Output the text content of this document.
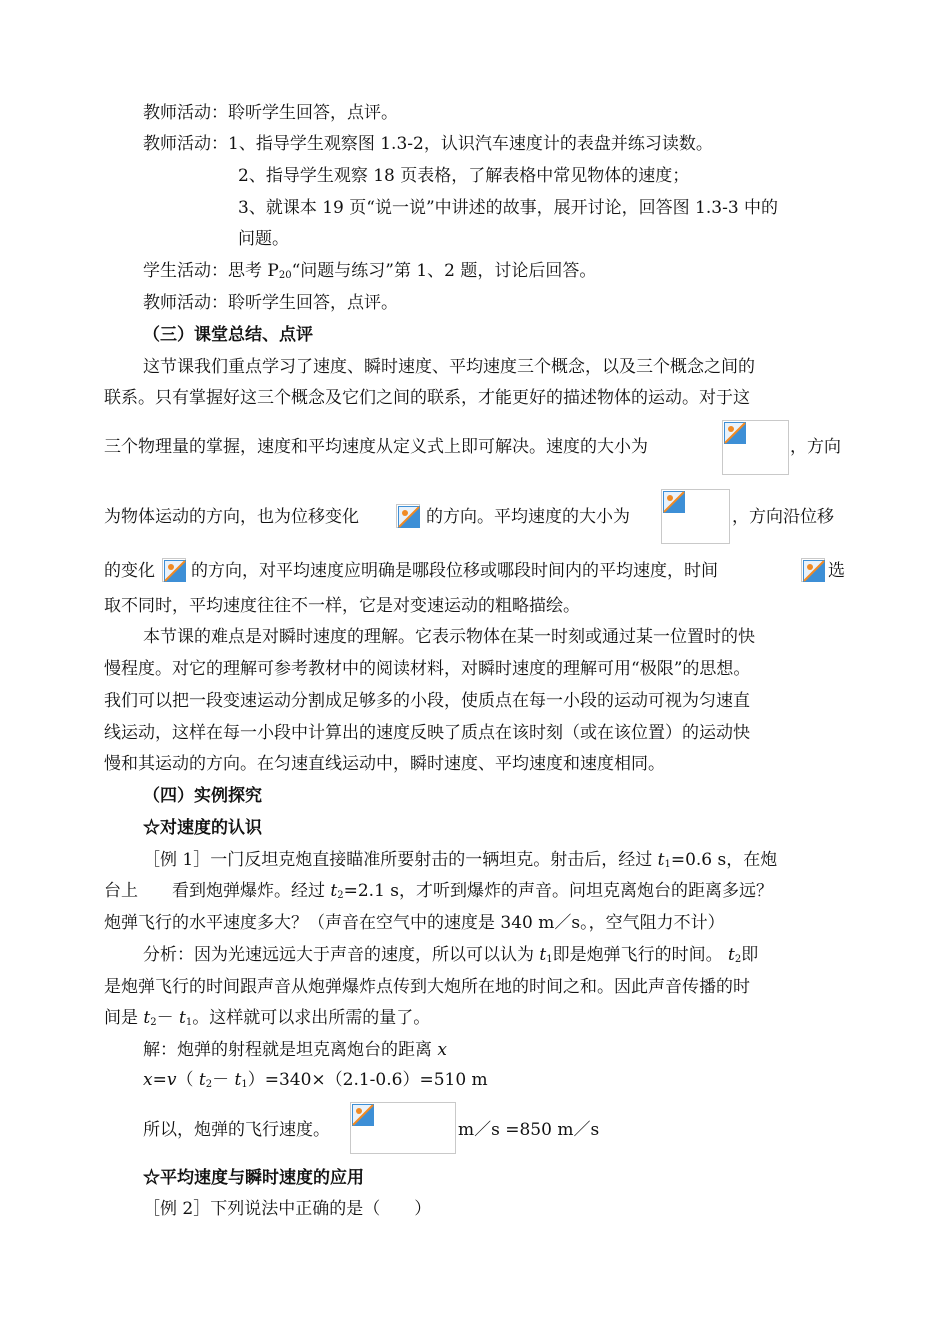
教师活动：聆听学生回答，点评。
教师活动：1、指导学生观察图 1.3-2，认识汽车速度计的表盘并练习读数。
2、指导学生观察 18 页表格，了解表格中常见物体的速度；
3、就课本 19 页“说一说”中讲述的故事，展开讨论，回答图 1.3-3 中的
问题。
学生活动：思考 $P_{20}“$问题与练习”第 1、2 题，讨论后回答。
教师活动：聆听学生回答，点评。
（三）课堂总结、点评
这节课我们重点学习了速度、瞬时速度、平均速度三个概念，以及三个概念之间的
联系。只有掌握好这三个概念及它们之间的联系，才能更好的描述物体的运动。对于这
三个物理量的掌握，速度和平均速度从定义式上即可解决。速度的大小为	，方向
为物体运动的方向，也为位移变化	的方向。平均速度的大小为	，方向沿位移
的变化 的方向，对平均速度应明确是哪段位移或哪段时间内的平均速度，时间	选
取不同时，平均速度往往不一样，它是对变速运动的粗略描绘。
本节课的难点是对瞬时速度的理解。它表示物体在某一时刻或通过某一位置时的快
慢程度。对它的理解可参考教材中的阅读材料，对瞬时速度的理解可用“极限”的思想。
我们可以把一段变速运动分割成足够多的小段，使质点在每一小段的运动可视为匀速直
线运动，这样在每一小段中计算出的速度反映了质点在该时刻（或在该位置）的运动快
慢和其运动的方向。在匀速直线运动中，瞬时速度、平均速度和速度相同。
（四）实例探究
☆对速度的认识
［例 1］一门反坦克炮直接瞄准所要射击的一辆坦克。射击后，经过 $t_1=0.6$ s，在炮
台上　　看到炮弹爆炸。经过 $t_2=2.1$ s，才听到爆炸的声音。问坦克离炮台的距离多远？
炮弹飞行的水平速度多大？（声音在空气中的速度是 340 m／s。，空气阻力不计）
分析：因为光速远远大于声音的速度，所以可以认为 $t_1$即是炮弹飞行的时间。 $t_2$即
是炮弹飞行的时间跟声音从炮弹爆炸点传到大炮所在地的时间之和。因此声音传播的时
间是 $t_2- t_1$。这样就可以求出所需的量了。
解：炮弹的射程就是坦克离炮台的距离 x
x=v（ $t_2- t_1)=340\times(2.1-0.6)=510$ m
所以，炮弹的飞行速度。	m／s =850 m／s
☆平均速度与瞬时速度的应用
［例 2］下列说法中正确的是（　　）
